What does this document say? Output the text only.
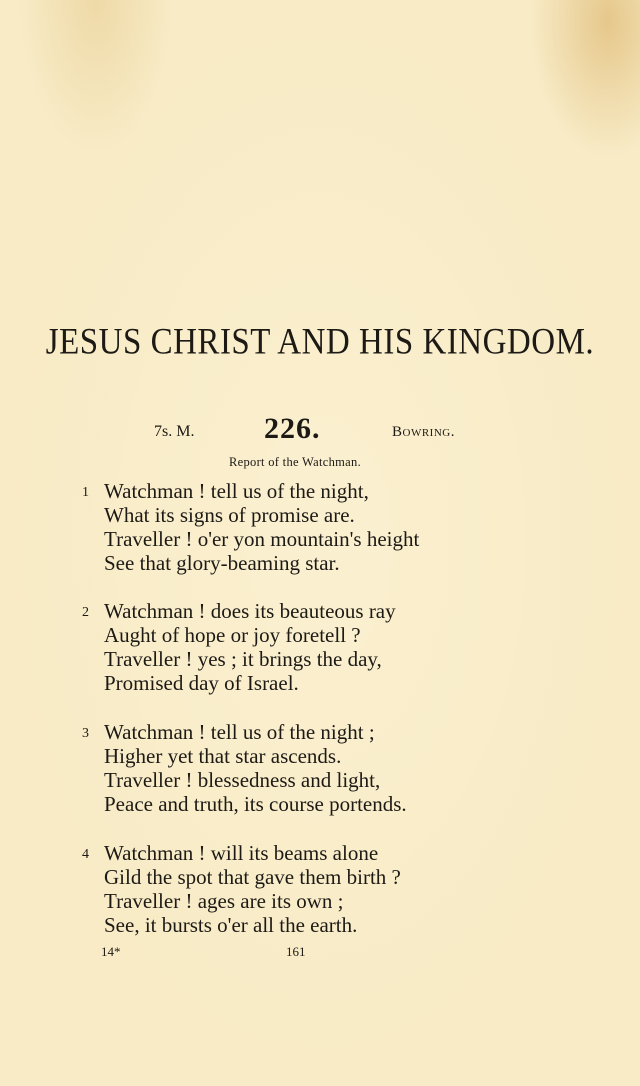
JESUS CHRIST AND HIS KINGDOM.
7s. M. 226.	Bowring.
Report of the Watchman.
1 Watchman ! tell us of the night,
What its signs of promise are.
Traveller ! o'er yon mountain's height
See that glory-beaming star.
2 Watchman ! does its beauteous ray
Aught of hope or joy foretell ?
Traveller ! yes ; it brings the day,
Promised day of Israel.
3 Watchman ! tell us of the night ;
Higher yet that star ascends.
Traveller ! blessedness and light,
Peace and truth, its course portends.
4 Watchman ! will its beams alone
Gild the spot that gave them birth ?
Traveller ! ages are its own ;
See, it bursts o'er all the earth.
14*	161
